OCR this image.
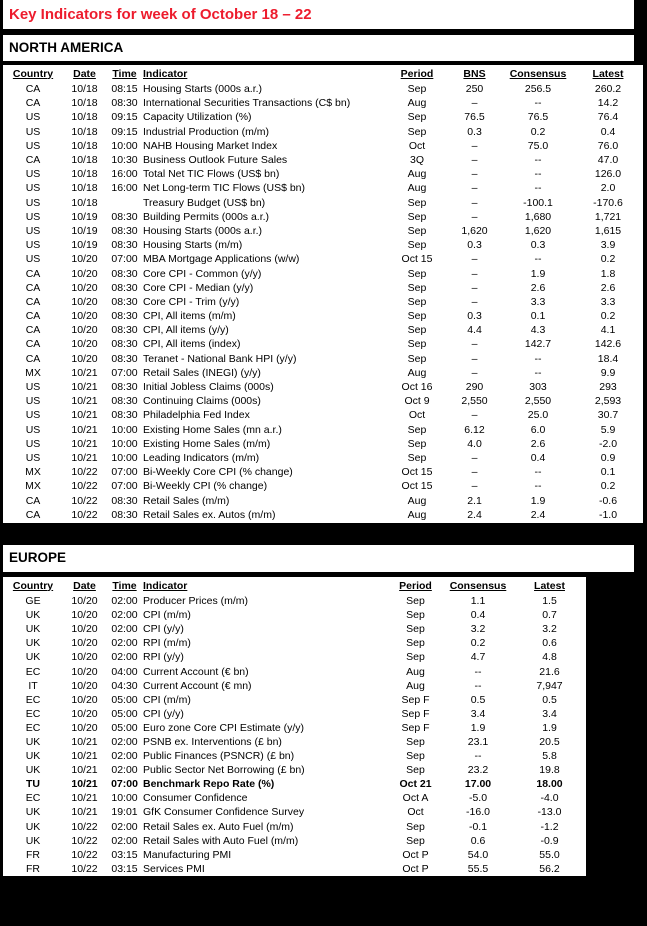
Key Indicators for week of October 18 – 22
NORTH AMERICA
Country	Date	Time	Indicator	Period	BNS	Consensus	Latest
CA	10/18	08:15	Housing Starts (000s a.r.)	Sep	250	256.5	260.2
CA	10/18	08:30	International Securities Transactions (C$ bn)	Aug	–	--	14.2
US	10/18	09:15	Capacity Utilization (%)	Sep	76.5	76.5	76.4
US	10/18	09:15	Industrial Production (m/m)	Sep	0.3	0.2	0.4
US	10/18	10:00	NAHB Housing Market Index	Oct	–	75.0	76.0
CA	10/18	10:30	Business Outlook Future Sales	3Q	–	--	47.0
US	10/18	16:00	Total Net TIC Flows (US$ bn)	Aug	–	--	126.0
US	10/18	16:00	Net Long-term TIC Flows (US$ bn)	Aug	–	--	2.0
US	10/18		Treasury Budget (US$ bn)	Sep	–	-100.1	-170.6
US	10/19	08:30	Building Permits (000s a.r.)	Sep	–	1,680	1,721
US	10/19	08:30	Housing Starts (000s a.r.)	Sep	1,620	1,620	1,615
US	10/19	08:30	Housing Starts (m/m)	Sep	0.3	0.3	3.9
US	10/20	07:00	MBA Mortgage Applications (w/w)	Oct 15	–	--	0.2
CA	10/20	08:30	Core CPI - Common (y/y)	Sep	–	1.9	1.8
CA	10/20	08:30	Core CPI - Median (y/y)	Sep	–	2.6	2.6
CA	10/20	08:30	Core CPI - Trim (y/y)	Sep	–	3.3	3.3
CA	10/20	08:30	CPI, All items (m/m)	Sep	0.3	0.1	0.2
CA	10/20	08:30	CPI, All items (y/y)	Sep	4.4	4.3	4.1
CA	10/20	08:30	CPI, All items (index)	Sep	–	142.7	142.6
CA	10/20	08:30	Teranet - National Bank HPI (y/y)	Sep	–	--	18.4
MX	10/21	07:00	Retail Sales (INEGI) (y/y)	Aug	–	--	9.9
US	10/21	08:30	Initial Jobless Claims (000s)	Oct 16	290	303	293
US	10/21	08:30	Continuing Claims (000s)	Oct 9	2,550	2,550	2,593
US	10/21	08:30	Philadelphia Fed Index	Oct	–	25.0	30.7
US	10/21	10:00	Existing Home Sales (mn a.r.)	Sep	6.12	6.0	5.9
US	10/21	10:00	Existing Home Sales (m/m)	Sep	4.0	2.6	-2.0
US	10/21	10:00	Leading Indicators (m/m)	Sep	–	0.4	0.9
MX	10/22	07:00	Bi-Weekly Core CPI (% change)	Oct 15	–	--	0.1
MX	10/22	07:00	Bi-Weekly CPI (% change)	Oct 15	–	--	0.2
CA	10/22	08:30	Retail Sales (m/m)	Aug	2.1	1.9	-0.6
CA	10/22	08:30	Retail Sales ex. Autos (m/m)	Aug	2.4	2.4	-1.0
EUROPE
Country	Date	Time	Indicator	Period	Consensus	Latest
GE	10/20	02:00	Producer Prices (m/m)	Sep	1.1	1.5
UK	10/20	02:00	CPI (m/m)	Sep	0.4	0.7
UK	10/20	02:00	CPI (y/y)	Sep	3.2	3.2
UK	10/20	02:00	RPI (m/m)	Sep	0.2	0.6
UK	10/20	02:00	RPI (y/y)	Sep	4.7	4.8
EC	10/20	04:00	Current Account (€ bn)	Aug	--	21.6
IT	10/20	04:30	Current Account (€ mn)	Aug	--	7,947
EC	10/20	05:00	CPI (m/m)	Sep F	0.5	0.5
EC	10/20	05:00	CPI (y/y)	Sep F	3.4	3.4
EC	10/20	05:00	Euro zone Core CPI Estimate (y/y)	Sep F	1.9	1.9
UK	10/21	02:00	PSNB ex. Interventions (£ bn)	Sep	23.1	20.5
UK	10/21	02:00	Public Finances (PSNCR) (£ bn)	Sep	--	5.8
UK	10/21	02:00	Public Sector Net Borrowing (£ bn)	Sep	23.2	19.8
TU	10/21	07:00	Benchmark Repo Rate (%)	Oct 21	17.00	18.00
EC	10/21	10:00	Consumer Confidence	Oct A	-5.0	-4.0
UK	10/21	19:01	GfK Consumer Confidence Survey	Oct	-16.0	-13.0
UK	10/22	02:00	Retail Sales ex. Auto Fuel (m/m)	Sep	-0.1	-1.2
UK	10/22	02:00	Retail Sales with Auto Fuel (m/m)	Sep	0.6	-0.9
FR	10/22	03:15	Manufacturing PMI	Oct P	54.0	55.0
FR	10/22	03:15	Services PMI	Oct P	55.5	56.2
